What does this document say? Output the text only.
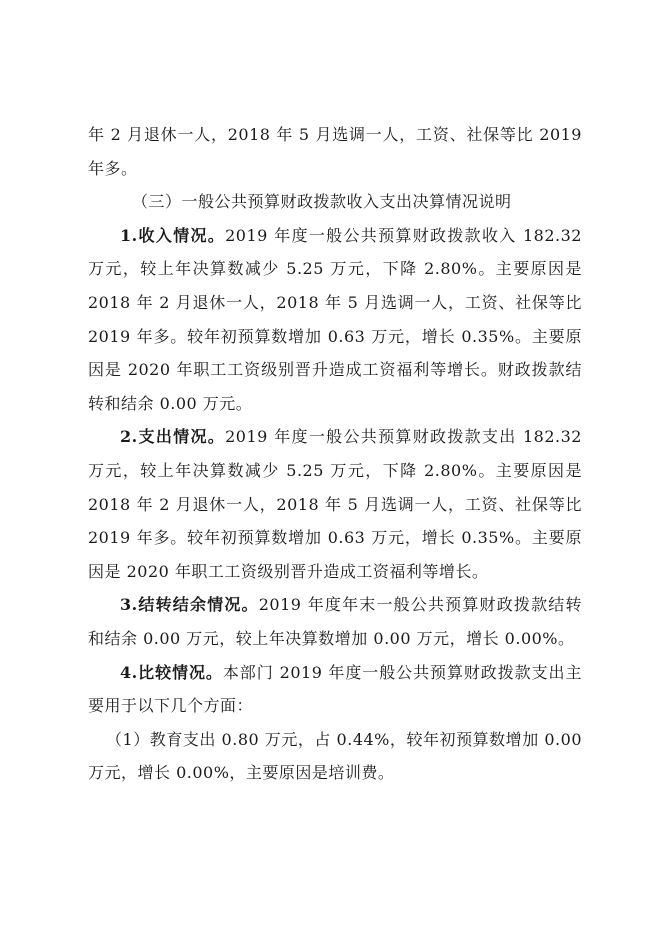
年 2 月退休一人，2018 年 5 月选调一人，工资、社保等比 2019 年多。

（三）一般公共预算财政拨款收入支出决算情况说明

1.收入情况。2019 年度一般公共预算财政拨款收入 182.32 万元，较上年决算数减少 5.25 万元，下降 2.80%。主要原因是 2018 年 2 月退休一人，2018 年 5 月选调一人，工资、社保等比 2019 年多。较年初预算数增加 0.63 万元，增长 0.35%。主要原因是 2020 年职工工资级别晋升造成工资福利等增长。财政拨款结转和结余 0.00 万元。

2.支出情况。2019 年度一般公共预算财政拨款支出 182.32 万元，较上年决算数减少 5.25 万元，下降 2.80%。主要原因是 2018 年 2 月退休一人，2018 年 5 月选调一人，工资、社保等比 2019 年多。较年初预算数增加 0.63 万元，增长 0.35%。主要原因是 2020 年职工工资级别晋升造成工资福利等增长。

3.结转结余情况。2019 年度年末一般公共预算财政拨款结转和结余 0.00 万元，较上年决算数增加 0.00 万元，增长 0.00%。

4.比较情况。本部门 2019 年度一般公共预算财政拨款支出主要用于以下几个方面：

（1）教育支出 0.80 万元，占 0.44%，较年初预算数增加 0.00 万元，增长 0.00%，主要原因是培训费。
